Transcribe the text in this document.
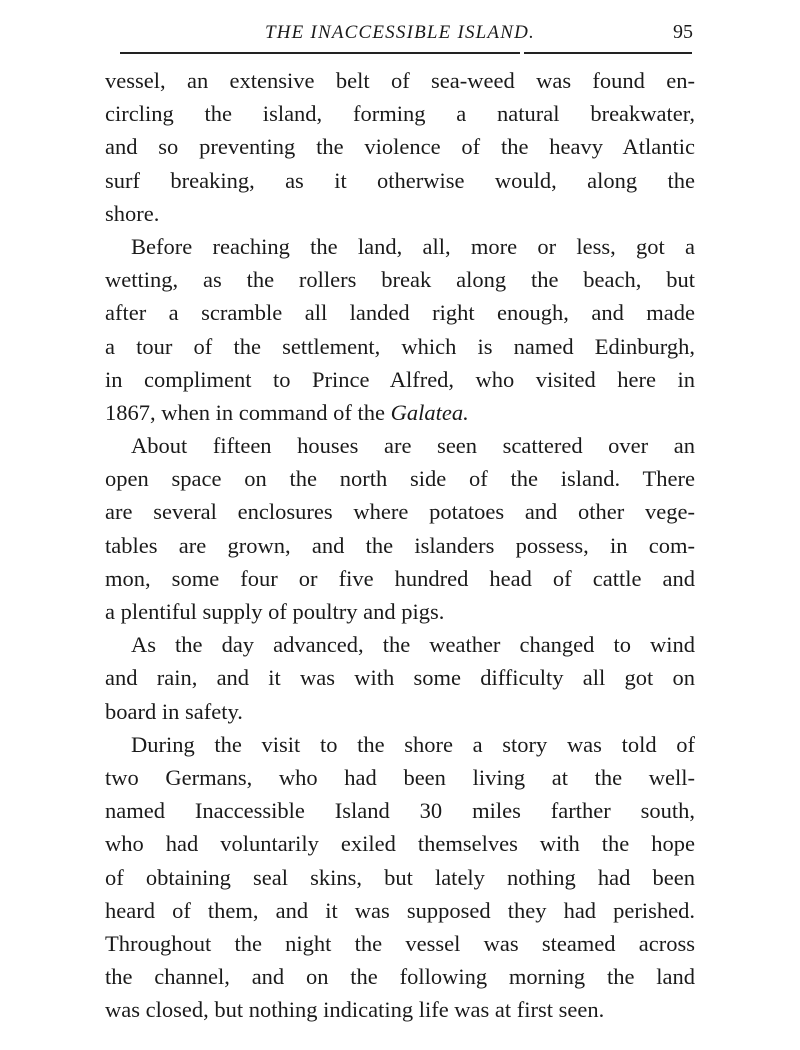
THE INACCESSIBLE ISLAND.	95
vessel, an extensive belt of sea-weed was found en-
circling the island, forming a natural breakwater,
and so preventing the violence of the heavy Atlantic
surf breaking, as it otherwise would, along the
shore.
Before reaching the land, all, more or less, got a
wetting, as the rollers break along the beach, but
after a scramble all landed right enough, and made
a tour of the settlement, which is named Edinburgh,
in compliment to Prince Alfred, who visited here in
1867, when in command of the Galatea.
About fifteen houses are seen scattered over an
open space on the north side of the island. There
are several enclosures where potatoes and other vege-
tables are grown, and the islanders possess, in com-
mon, some four or five hundred head of cattle and
a plentiful supply of poultry and pigs.
As the day advanced, the weather changed to wind
and rain, and it was with some difficulty all got on
board in safety.
During the visit to the shore a story was told of
two Germans, who had been living at the well-
named Inaccessible Island 30 miles farther south,
who had voluntarily exiled themselves with the hope
of obtaining seal skins, but lately nothing had been
heard of them, and it was supposed they had perished.
Throughout the night the vessel was steamed across
the channel, and on the following morning the land
was closed, but nothing indicating life was at first seen.
